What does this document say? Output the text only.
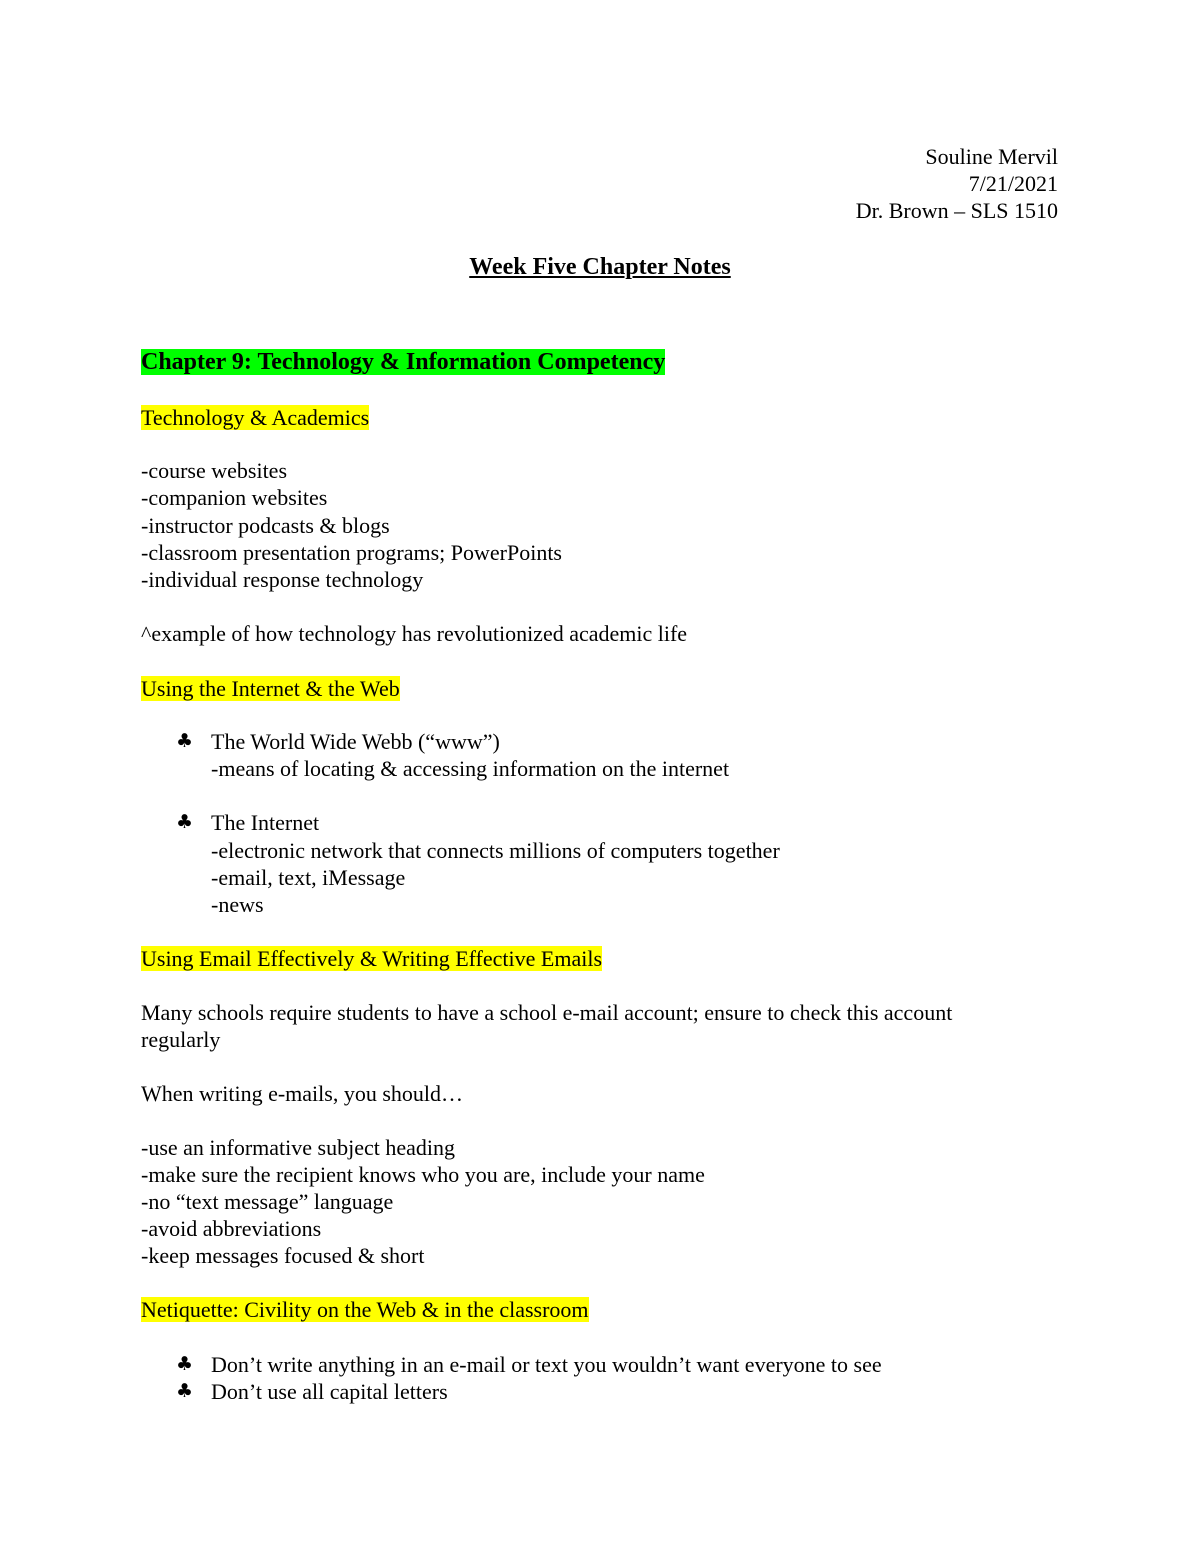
Souline Mervil
7/21/2021
Dr. Brown – SLS 1510
Week Five Chapter Notes
Chapter 9: Technology & Information Competency
Technology & Academics
-course websites
-companion websites
-instructor podcasts & blogs
-classroom presentation programs; PowerPoints
-individual response technology
^example of how technology has revolutionized academic life
Using the Internet & the Web
♣ The World Wide Webb (“www”)
-means of locating & accessing information on the internet
♣ The Internet
-electronic network that connects millions of computers together
-email, text, iMessage
-news
Using Email Effectively & Writing Effective Emails
Many schools require students to have a school e-mail account; ensure to check this account
regularly
When writing e-mails, you should…
-use an informative subject heading
-make sure the recipient knows who you are, include your name
-no “text message” language
-avoid abbreviations
-keep messages focused & short
Netiquette: Civility on the Web & in the classroom
♣ Don’t write anything in an e-mail or text you wouldn’t want everyone to see
♣ Don’t use all capital letters
